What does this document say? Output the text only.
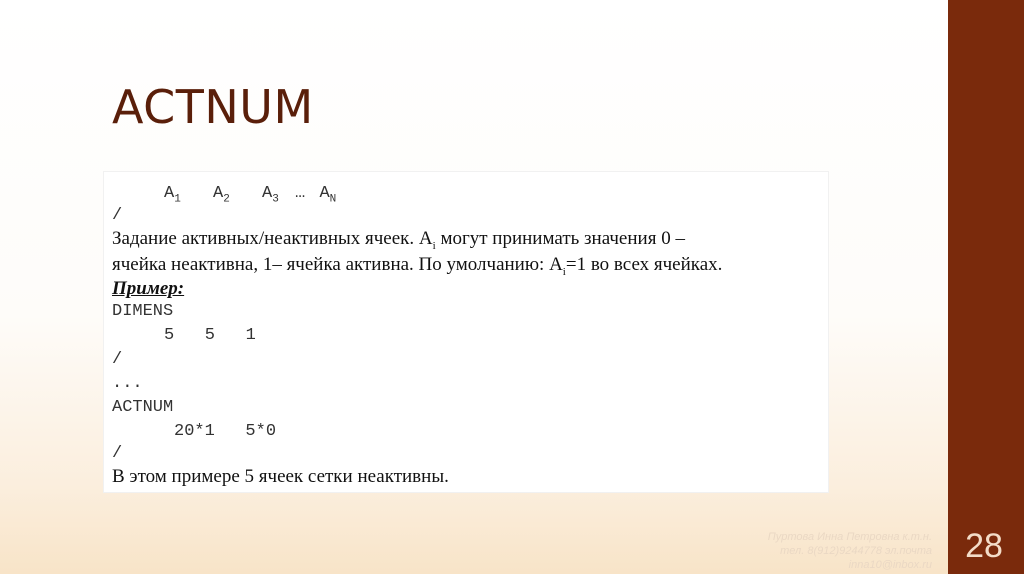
28
ACTNUM
$A_1$ $A_2$ $A_3$ … $A_N$
/
Задание активных/неактивных ячеек. $A_i$ могут принимать значения 0 –
ячейка неактивна, 1– ячейка активна. По умолчанию: $A_i=1$ во всех ячейках.
Пример:
DIMENS
5   5   1
/
...
ACTNUM
20*1   5*0
/
В этом примере 5 ячеек сетки неактивны.
Пуртова Инна Петровна к.т.н.
тел. 8(912)9244778 эл.почта
inna10@inbox.ru
